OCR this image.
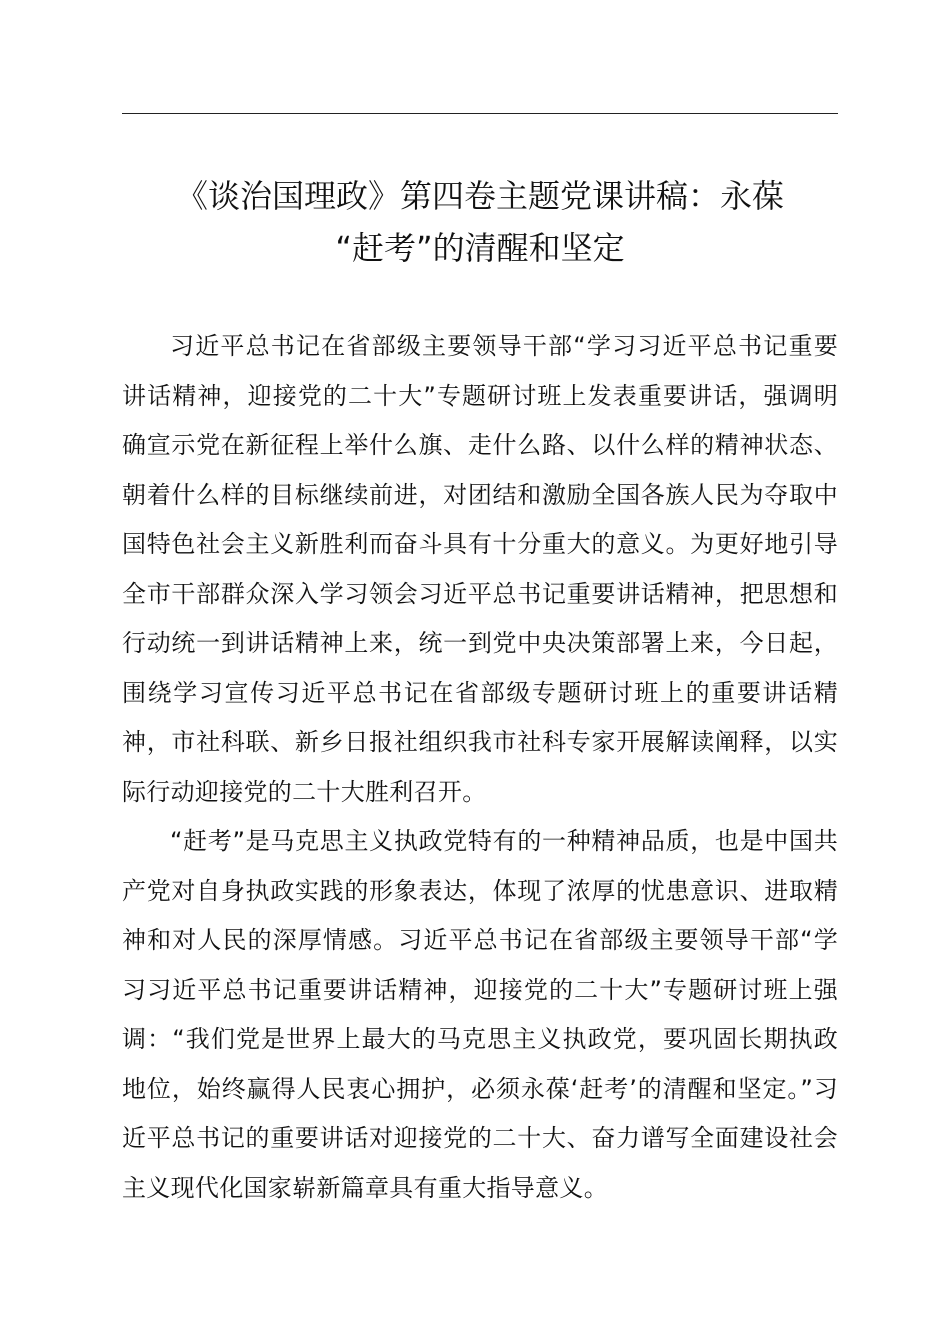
《谈治国理政》第四卷主题党课讲稿：永葆
“赶考”的清醒和坚定

习近平总书记在省部级主要领导干部“学习习近平总书记重要讲话精神，迎接党的二十大”专题研讨班上发表重要讲话，强调明确宣示党在新征程上举什么旗、走什么路、以什么样的精神状态、朝着什么样的目标继续前进，对团结和激励全国各族人民为夺取中国特色社会主义新胜利而奋斗具有十分重大的意义。为更好地引导全市干部群众深入学习领会习近平总书记重要讲话精神，把思想和行动统一到讲话精神上来，统一到党中央决策部署上来，今日起，围绕学习宣传习近平总书记在省部级专题研讨班上的重要讲话精神，市社科联、新乡日报社组织我市社科专家开展解读阐释，以实际行动迎接党的二十大胜利召开。

“赶考”是马克思主义执政党特有的一种精神品质，也是中国共产党对自身执政实践的形象表达，体现了浓厚的忧患意识、进取精神和对人民的深厚情感。习近平总书记在省部级主要领导干部“学习习近平总书记重要讲话精神，迎接党的二十大”专题研讨班上强调：“我们党是世界上最大的马克思主义执政党，要巩固长期执政地位，始终赢得人民衷心拥护，必须永葆‘赶考’的清醒和坚定。”习近平总书记的重要讲话对迎接党的二十大、奋力谱写全面建设社会主义现代化国家崭新篇章具有重大指导意义。
